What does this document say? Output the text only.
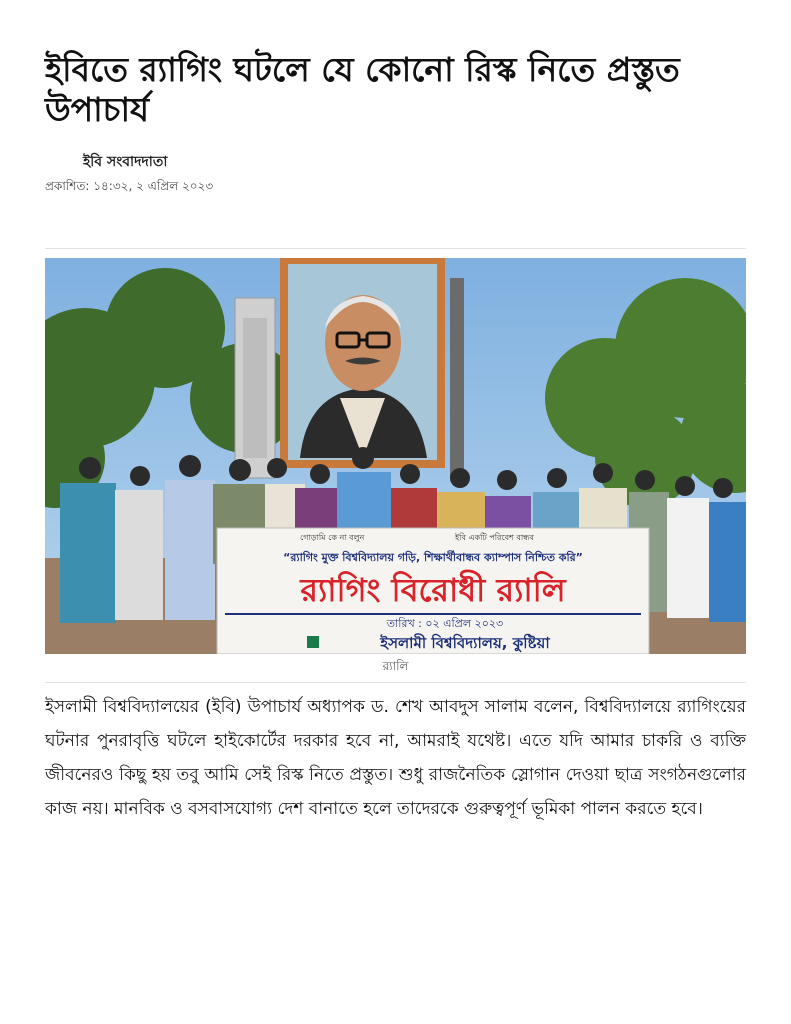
ইবিতে র‍্যাগিং ঘটলে যে কোনো রিস্ক নিতে প্রস্তুত উপাচার্য
ইবি সংবাদদাতা
প্রকাশিত: ১৪:৩২, ২ এপ্রিল ২০২৩
গোড়ামি কে না বলুন	ইবি একটি পরিবেশ বান্ধব
“র‍্যাগিং মুক্ত বিশ্ববিদ্যালয় গড়ি, শিক্ষার্থীবান্ধব ক্যাম্পাস নিশ্চিত করি”
র‍্যাগিং বিরোধী র‍্যালি
তারিখ : ০২ এপ্রিল ২০২৩
ইসলামী বিশ্ববিদ্যালয়, কুষ্টিয়া
র‍্যালি

ইসলামী বিশ্ববিদ্যালয়ের (ইবি) উপাচার্য অধ্যাপক ড. শেখ আবদুস সালাম বলেন, বিশ্ববিদ্যালয়ে র‍্যাগিংয়ের ঘটনার পুনরাবৃত্তি ঘটলে হাইকোর্টের দরকার হবে না, আমরাই যথেষ্ট। এতে যদি আমার চাকরি ও ব্যক্তি জীবনেরও কিছু হয় তবু আমি সেই রিস্ক নিতে প্রস্তুত। শুধু রাজনৈতিক স্লোগান দেওয়া ছাত্র সংগঠনগুলোর কাজ নয়। মানবিক ও বসবাসযোগ্য দেশ বানাতে হলে তাদেরকে গুরুত্বপূর্ণ ভূমিকা পালন করতে হবে।
